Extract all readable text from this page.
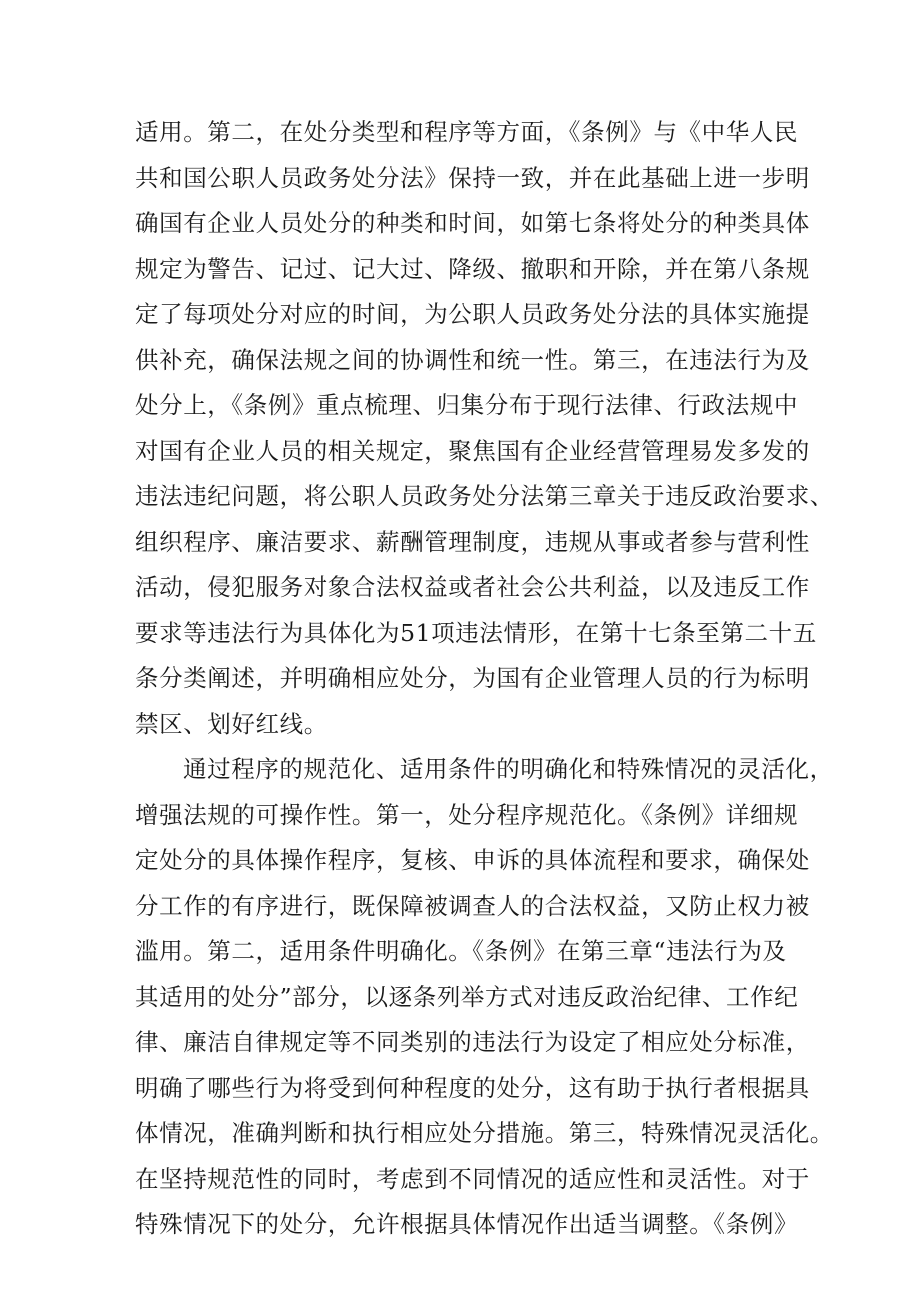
适用。第二，在处分类型和程序等方面，《条例》与《中华人民
共和国公职人员政务处分法》保持一致，并在此基础上进一步明
确国有企业人员处分的种类和时间，如第七条将处分的种类具体
规定为警告、记过、记大过、降级、撤职和开除，并在第八条规
定了每项处分对应的时间，为公职人员政务处分法的具体实施提
供补充，确保法规之间的协调性和统一性。第三，在违法行为及
处分上，《条例》重点梳理、归集分布于现行法律、行政法规中
对国有企业人员的相关规定，聚焦国有企业经营管理易发多发的
违法违纪问题，将公职人员政务处分法第三章关于违反政治要求、
组织程序、廉洁要求、薪酬管理制度，违规从事或者参与营利性
活动，侵犯服务对象合法权益或者社会公共利益，以及违反工作
要求等违法行为具体化为51项违法情形，在第十七条至第二十五
条分类阐述，并明确相应处分，为国有企业管理人员的行为标明
禁区、划好红线。
通过程序的规范化、适用条件的明确化和特殊情况的灵活化，
增强法规的可操作性。第一，处分程序规范化。《条例》详细规
定处分的具体操作程序，复核、申诉的具体流程和要求，确保处
分工作的有序进行，既保障被调查人的合法权益，又防止权力被
滥用。第二，适用条件明确化。《条例》在第三章“违法行为及
其适用的处分”部分，以逐条列举方式对违反政治纪律、工作纪
律、廉洁自律规定等不同类别的违法行为设定了相应处分标准，
明确了哪些行为将受到何种程度的处分，这有助于执行者根据具
体情况，准确判断和执行相应处分措施。第三，特殊情况灵活化。
在坚持规范性的同时，考虑到不同情况的适应性和灵活性。对于
特殊情况下的处分，允许根据具体情况作出适当调整。《条例》
